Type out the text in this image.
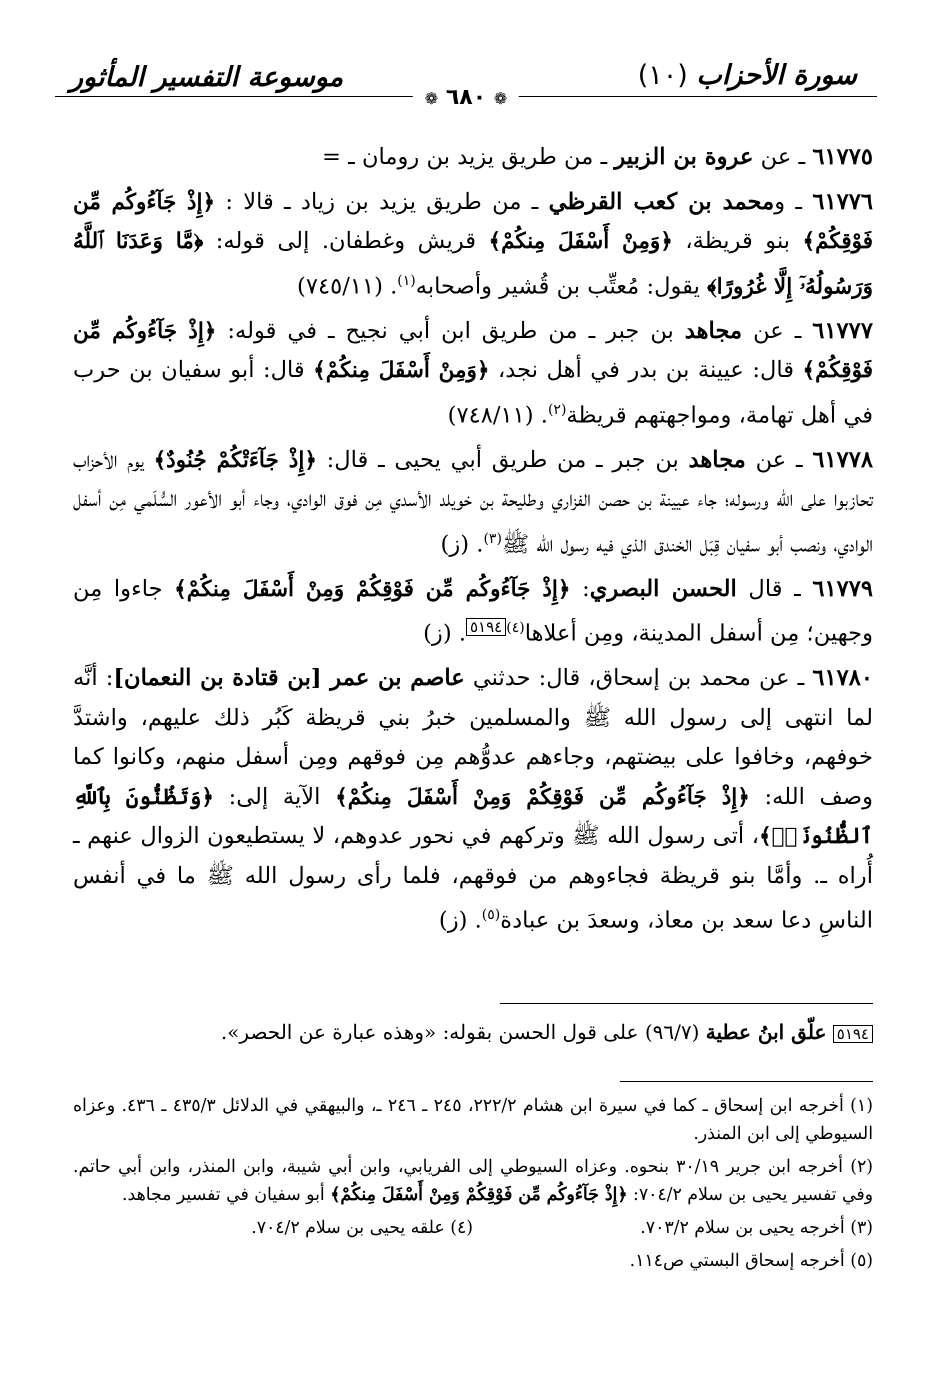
موسوعة التفسير المأثور	سورة الأحزاب (١٠)
❁ ٦٨٠ ❁

٦١٧٧٥ ـ عن عروة بن الزبير ـ من طريق يزيد بن رومان ـ =

٦١٧٧٦ ـ ومحمد بن كعب القرظي ـ من طريق يزيد بن زياد ـ قالا : ﴿إِذْ جَآءُوكُم مِّن فَوْقِكُمْ﴾ بنو قريظة، ﴿وَمِنْ أَسْفَلَ مِنكُمْ﴾ قريش وغطفان. إلى قوله: ﴿مَّا وَعَدَنَا ٱللَّهُ وَرَسُولُهُۥٓ إِلَّا غُرُورًا﴾ يقول: مُعتِّب بن قُشير وأصحابه$^{(١)}$. (٧٤٥/١١)

٦١٧٧٧ ـ عن مجاهد بن جبر ـ من طريق ابن أبي نجيح ـ في قوله: ﴿إِذْ جَآءُوكُم مِّن فَوْقِكُمْ﴾ قال: عيينة بن بدر في أهل نجد، ﴿وَمِنْ أَسْفَلَ مِنكُمْ﴾ قال: أبو سفيان بن حرب في أهل تهامة، ومواجهتهم قريظة$^{(٢)}$. (٧٤٨/١١)

٦١٧٧٨ ـ عن مجاهد بن جبر ـ من طريق أبي يحيى ـ قال: ﴿إِذْ جَآءَتْكُمْ جُنُودٌ﴾ يوم الأحزاب تحازبوا على الله ورسوله؛ جاء عيينة بن حصن الفزاري وطليحة بن خويلد الأسدي مِن فوق الوادي، وجاء أبو الأعور السُّلَمي مِن أسفل الوادي، ونصب أبو سفيان قِبَل الخندق الذي فيه رسول الله ﷺ$^{(٣)}$. (ز)

٦١٧٧٩ ـ قال الحسن البصري: ﴿إِذْ جَآءُوكُم مِّن فَوْقِكُمْ وَمِنْ أَسْفَلَ مِنكُمْ﴾ جاءوا مِن وجهين؛ مِن أسفل المدينة، ومِن أعلاها$^{(٤)}$٥١٩٤. (ز)

٦١٧٨٠ ـ عن محمد بن إسحاق، قال: حدثني عاصم بن عمر [بن قتادة بن النعمان]: أنَّه لما انتهى إلى رسول الله ﷺ والمسلمين خبرُ بني قريظة كَبُر ذلك عليهم، واشتدَّ خوفهم، وخافوا على بيضتهم، وجاءهم عدوُّهم مِن فوقهم ومِن أسفل منهم، وكانوا كما وصف الله: ﴿إِذْ جَآءُوكُم مِّن فَوْقِكُمْ وَمِنْ أَسْفَلَ مِنكُمْ﴾ الآية إلى: ﴿وَتَظُنُّونَ بِٱللَّهِ ٱلظُّنُونَا۠﴾، أتى رسول الله ﷺ وتركهم في نحور عدوهم، لا يستطيعون الزوال عنهم ـ أُراه ـ. وأمَّا بنو قريظة فجاءوهم من فوقهم، فلما رأى رسول الله ﷺ ما في أنفس الناسِ دعا سعد بن معاذ، وسعدَ بن عبادة$^{(٥)}$. (ز)

٥١٩٤ علّق ابنُ عطية (٩٦/٧) على قول الحسن بقوله: «وهذه عبارة عن الحصر».
(١) أخرجه ابن إسحاق ـ كما في سيرة ابن هشام ٢٢٢/٢، ٢٤٥ ـ ٢٤٦ ـ، والبيهقي في الدلائل ٤٣٥/٣ ـ ٤٣٦. وعزاه السيوطي إلى ابن المنذر.
(٢) أخرجه ابن جرير ٣٠/١٩ بنحوه. وعزاه السيوطي إلى الفريابي، وابن أبي شيبة، وابن المنذر، وابن أبي حاتم. وفي تفسير يحيى بن سلام ٧٠٤/٢: ﴿إِذْ جَآءُوكُم مِّن فَوْقِكُمْ وَمِنْ أَسْفَلَ مِنكُمْ﴾ أبو سفيان في تفسير مجاهد.
(٣) أخرجه يحيى بن سلام ٧٠٣/٢.
(٤) علقه يحيى بن سلام ٧٠٤/٢.
(٥) أخرجه إسحاق البستي ص١١٤.
